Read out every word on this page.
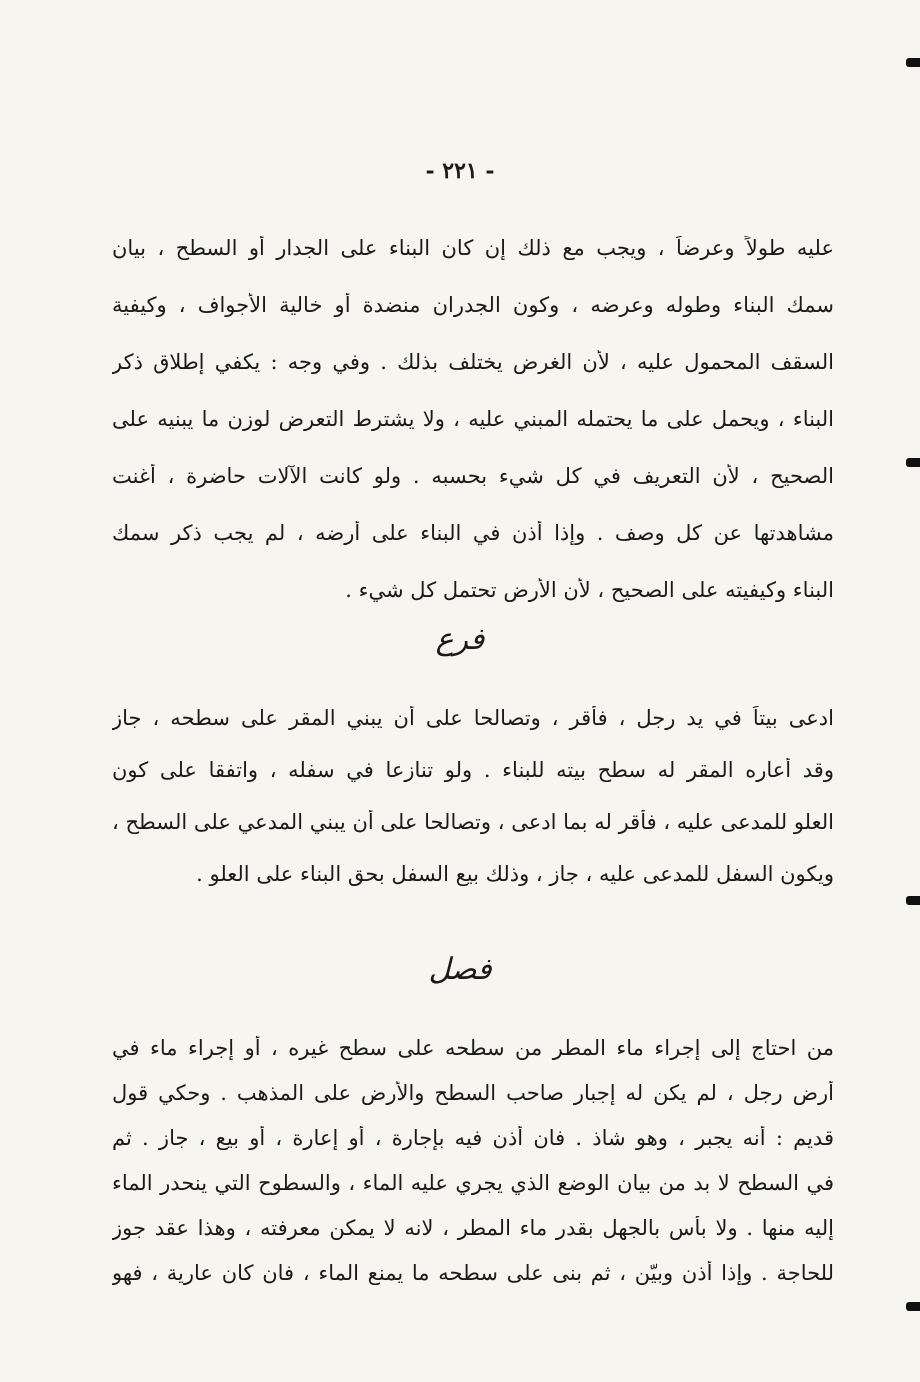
- ٢٢١ -
عليه طولاً وعرضاً ، ويجب مع ذلك إن كان البناء على الجدار أو السطح ، بيان
سمك البناء وطوله وعرضه ، وكون الجدران منضدة أو خالية الأجواف ، وكيفية
السقف المحمول عليه ، لأن الغرض يختلف بذلك . وفي وجه : يكفي إطلاق ذكر
البناء ، ويحمل على ما يحتمله المبني عليه ، ولا يشترط التعرض لوزن ما يبنيه على
الصحيح ، لأن التعريف في كل شيء بحسبه . ولو كانت الآلات حاضرة ، أغنت
مشاهدتها عن كل وصف . وإذا أذن في البناء على أرضه ، لم يجب ذكر سمك
البناء وكيفيته على الصحيح ، لأن الأرض تحتمل كل شيء .
فرع
ادعى بيتاً في يد رجل ، فأقر ، وتصالحا على أن يبني المقر على سطحه ، جاز
وقد أعاره المقر له سطح بيته للبناء . ولو تنازعا في سفله ، واتفقا على كون
العلو للمدعى عليه ، فأقر له بما ادعى ، وتصالحا على أن يبني المدعي على السطح ،
ويكون السفل للمدعى عليه ، جاز ، وذلك بيع السفل بحق البناء على العلو .
فصل
من احتاج إلى إجراء ماء المطر من سطحه على سطح غيره ، أو إجراء ماء في
أرض رجل ، لم يكن له إجبار صاحب السطح والأرض على المذهب . وحكي قول
قديم : أنه يجبر ، وهو شاذ . فان أذن فيه بإجارة ، أو إعارة ، أو بيع ، جاز . ثم
في السطح لا بد من بيان الوضع الذي يجري عليه الماء ، والسطوح التي ينحدر الماء
إليه منها . ولا بأس بالجهل بقدر ماء المطر ، لانه لا يمكن معرفته ، وهذا عقد جوز
للحاجة . وإذا أذن وبيّن ، ثم بنى على سطحه ما يمنع الماء ، فان كان عارية ، فهو
